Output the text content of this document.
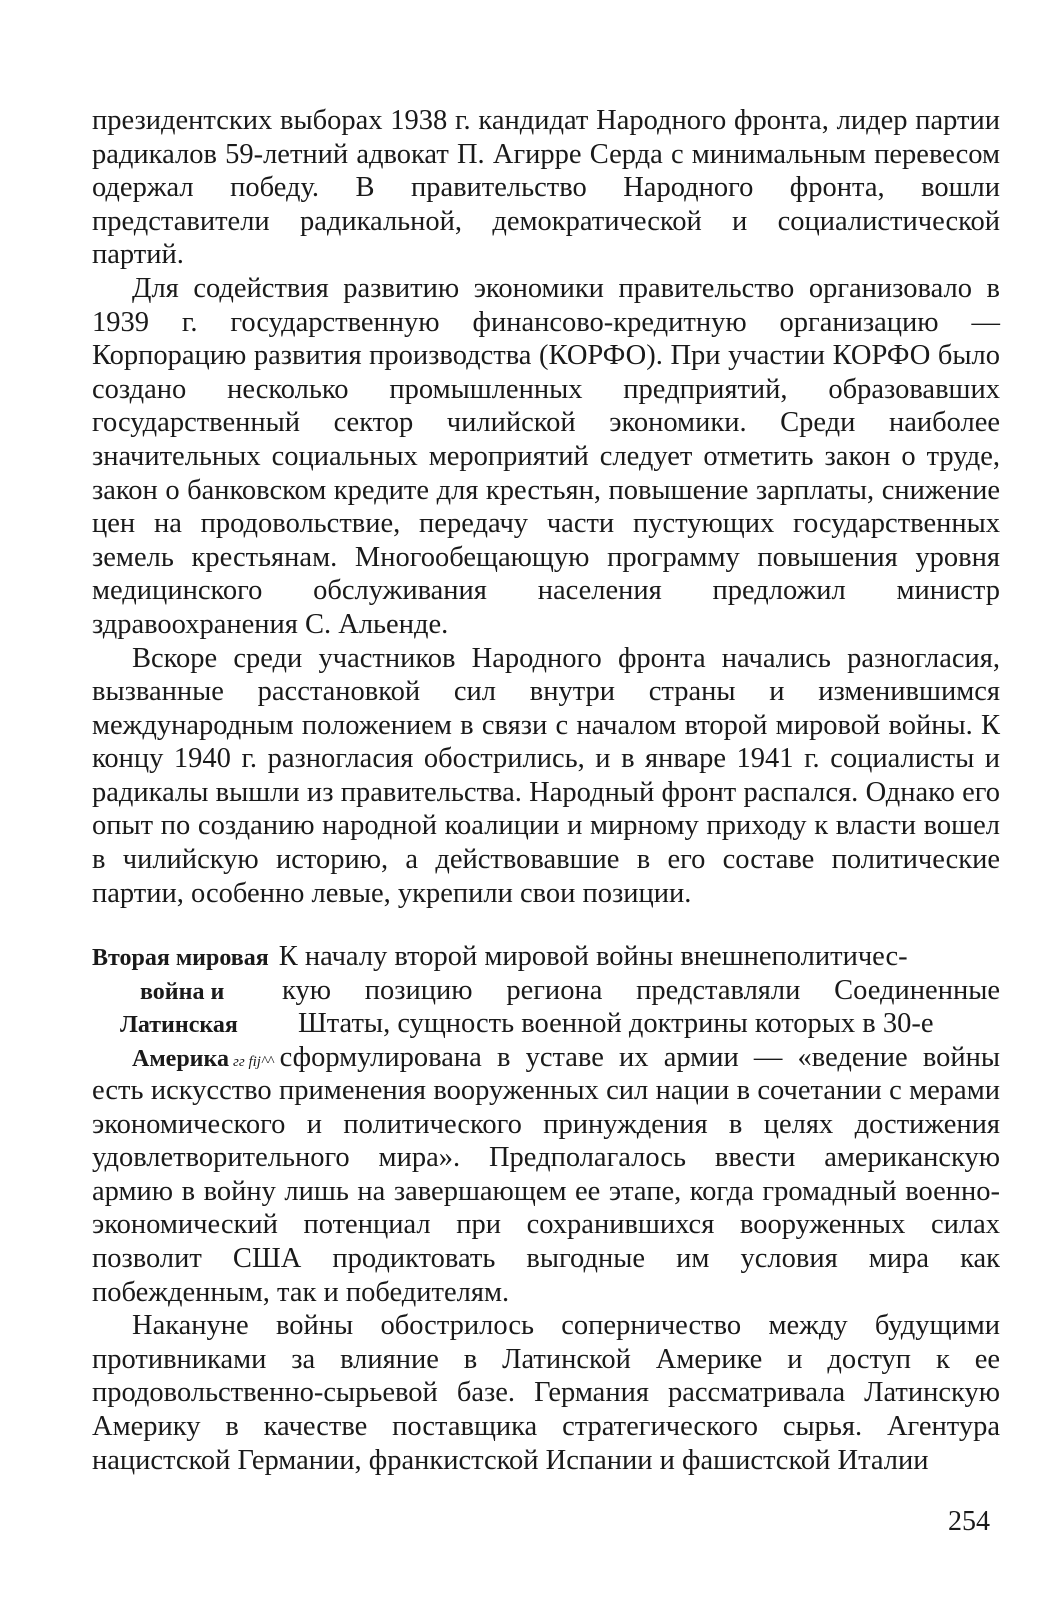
президентских выборах 1938 г. кандидат Народного фронта, лидер партии радикалов 59-летний адвокат П. Агирре Серда с минимальным перевесом одержал победу. В правительство Народного фронта, вошли представители радикальной, демократической и социалистической партий.

Для содействия развитию экономики правительство организовало в 1939 г. государственную финансово-кредитную организацию — Корпорацию развития производства (КОРФО). При участии КОРФО было создано несколько промышленных предприятий, образовавших государственный сектор чилийской экономики. Среди наиболее значительных социальных мероприятий следует отметить закон о труде, закон о банковском кредите для крестьян, повышение зарплаты, снижение цен на продовольствие, передачу части пустующих государственных земель крестьянам. Многообещающую программу повышения уровня медицинского обслуживания населения предложил министр здравоохранения С. Альенде.

Вскоре среди участников Народного фронта начались разногласия, вызванные расстановкой сил внутри страны и изменившимся международным положением в связи с началом второй мировой войны. К концу 1940 г. разногласия обострились, и в январе 1941 г. социалисты и радикалы вышли из правительства. Народный фронт распался. Однако его опыт по созданию народной коалиции и мирному приходу к власти вошел в чилийскую историю, а действовавшие в его составе политические партии, особенно левые, укрепили свои позиции.

Вторая мировая К началу второй мировой войны внешнеполитичес-
война и	кую позицию региона представляли Соединенные
Латинская	Штаты, сущность военной доктрины которых в 30-е
Америка гг fij^^ сформулирована в уставе их армии — «ведение войны

есть искусство применения вооруженных сил нации в сочетании с мерами экономического и политического принуждения в целях достижения удовлетворительного мира». Предполагалось ввести американскую армию в войну лишь на завершающем ее этапе, когда громадный военно-экономический потенциал при сохранившихся вооруженных силах позволит США продиктовать выгодные им условия мира как побежденным, так и победителям.

Накануне войны обострилось соперничество между будущими противниками за влияние в Латинской Америке и доступ к ее продовольственно-сырьевой базе. Германия рассматривала Латинскую Америку в качестве поставщика стратегического сырья. Агентура нацистской Германии, франкистской Испании и фашистской Италии

254
